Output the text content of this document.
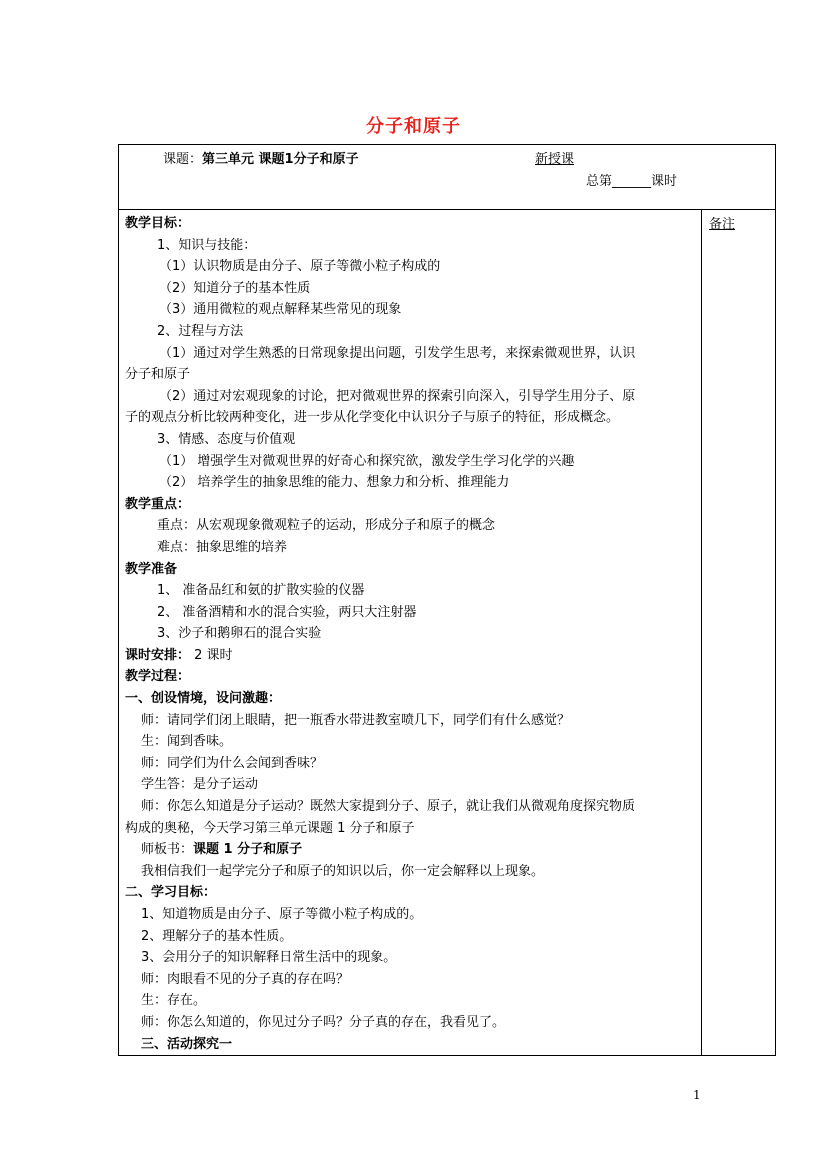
分子和原子
课题：第三单元 课题1分子和原子	新授课
总第______课时
备注
教学目标：
1、知识与技能：
（1）认识物质是由分子、原子等微小粒子构成的
（2）知道分子的基本性质
（3）通用微粒的观点解释某些常见的现象
2、过程与方法
（1）通过对学生熟悉的日常现象提出问题，引发学生思考，来探索微观世界，认识
分子和原子
（2）通过对宏观现象的讨论，把对微观世界的探索引向深入，引导学生用分子、原
子的观点分析比较两种变化，进一步从化学变化中认识分子与原子的特征，形成概念。
3、情感、态度与价值观
（1） 增强学生对微观世界的好奇心和探究欲，激发学生学习化学的兴趣
（2） 培养学生的抽象思维的能力、想象力和分析、推理能力
教学重点：
重点：从宏观现象微观粒子的运动，形成分子和原子的概念
难点：抽象思维的培养
教学准备
1、 准备品红和氨的扩散实验的仪器
2、 准备酒精和水的混合实验，两只大注射器
3、沙子和鹅卵石的混合实验
课时安排： 2 课时
教学过程：
一、创设情境，设问激趣：
师：请同学们闭上眼睛，把一瓶香水带进教室喷几下，同学们有什么感觉？
生：闻到香味。
师：同学们为什么会闻到香味？
学生答：是分子运动
师：你怎么知道是分子运动？既然大家提到分子、原子，就让我们从微观角度探究物质
构成的奥秘，今天学习第三单元课题 1 分子和原子
师板书：课题 1 分子和原子
我相信我们一起学完分子和原子的知识以后，你一定会解释以上现象。
二、学习目标：
1、知道物质是由分子、原子等微小粒子构成的。
2、理解分子的基本性质。
3、会用分子的知识解释日常生活中的现象。
师：肉眼看不见的分子真的存在吗？
生：存在。
师：你怎么知道的，你见过分子吗？分子真的存在，我看见了。
三、活动探究一
1
